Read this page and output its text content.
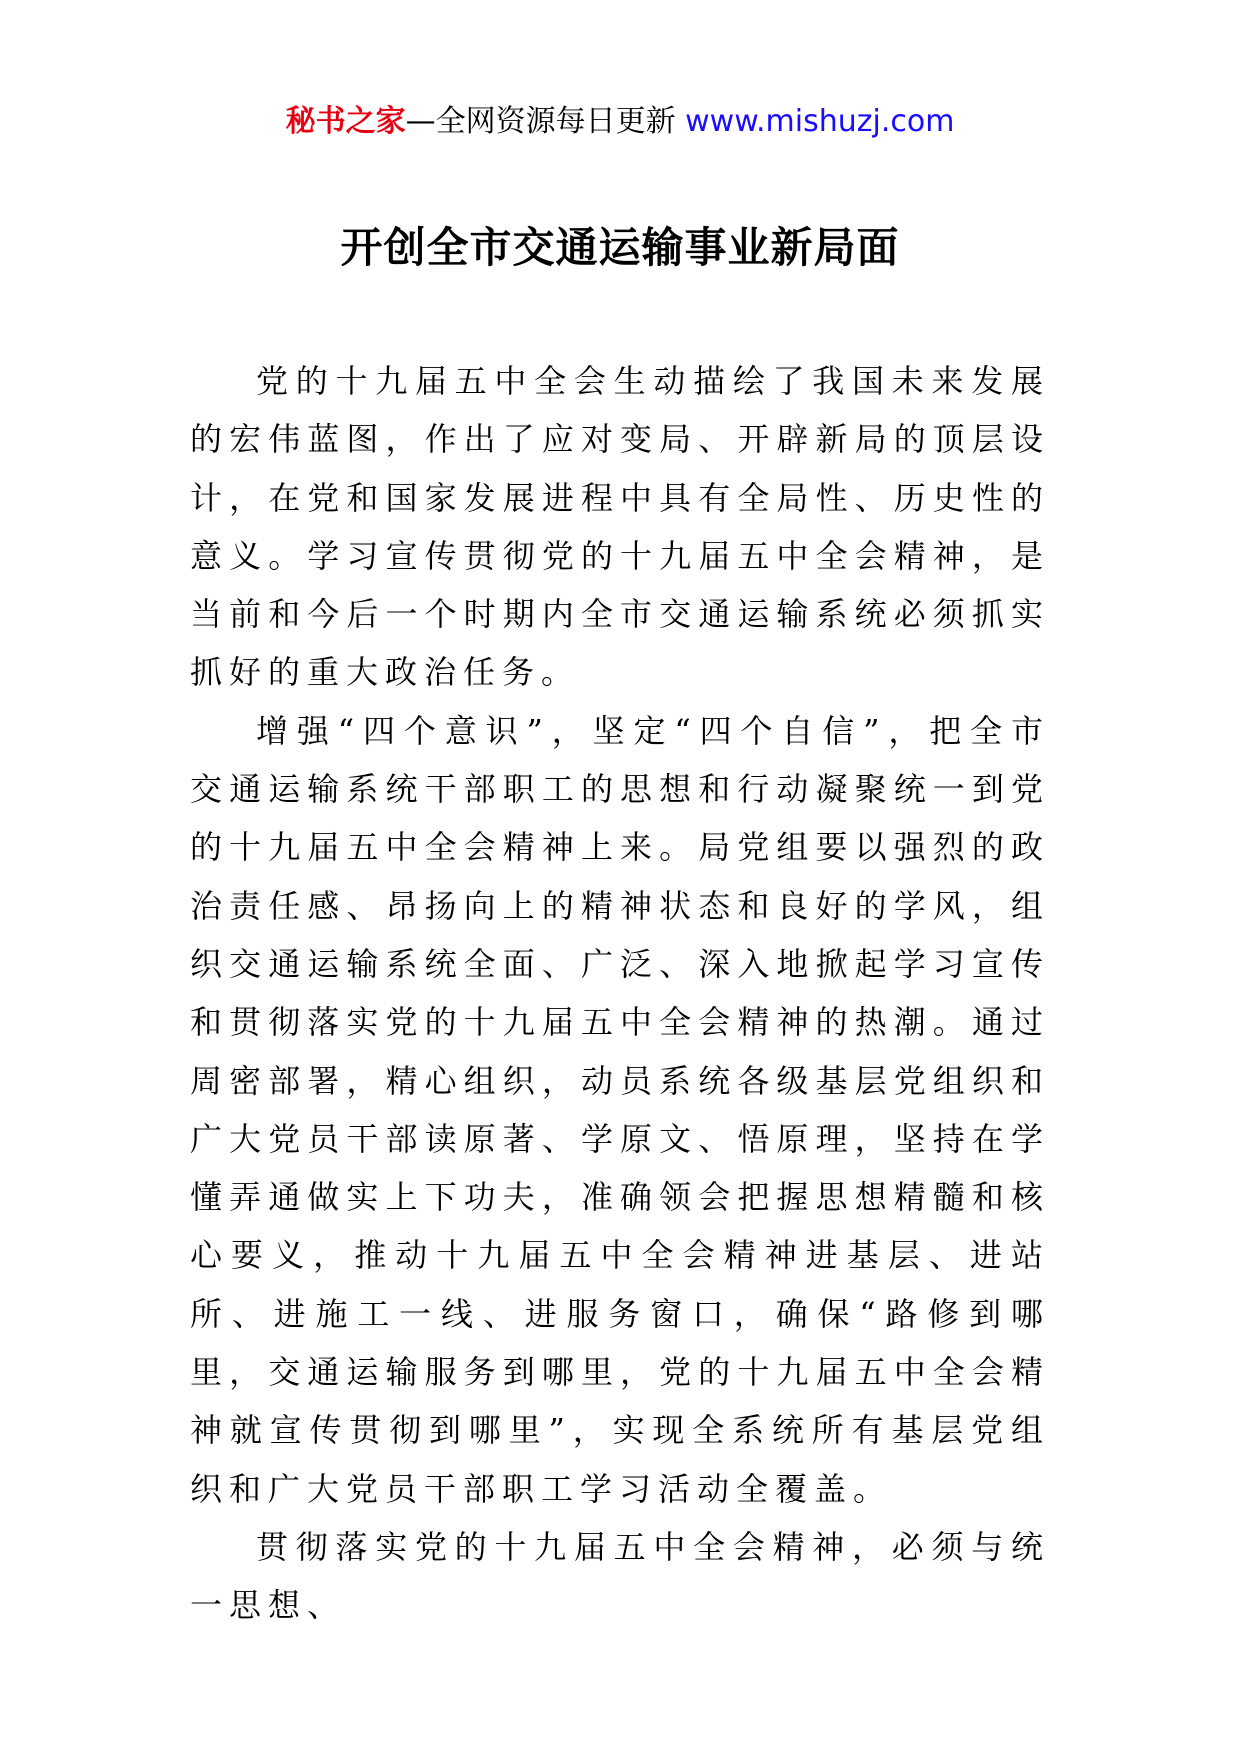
秘书之家—全网资源每日更新 www.mishuzj.com
开创全市交通运输事业新局面

党的十九届五中全会生动描绘了我国未来发展的宏伟蓝图，作出了应对变局、开辟新局的顶层设计，在党和国家发展进程中具有全局性、历史性的意义。学习宣传贯彻党的十九届五中全会精神，是当前和今后一个时期内全市交通运输系统必须抓实抓好的重大政治任务。

增强“四个意识”，坚定“四个自信”，把全市交通运输系统干部职工的思想和行动凝聚统一到党的十九届五中全会精神上来。局党组要以强烈的政治责任感、昂扬向上的精神状态和良好的学风，组织交通运输系统全面、广泛、深入地掀起学习宣传和贯彻落实党的十九届五中全会精神的热潮。通过周密部署，精心组织，动员系统各级基层党组织和广大党员干部读原著、学原文、悟原理，坚持在学懂弄通做实上下功夫，准确领会把握思想精髓和核心要义，推动十九届五中全会精神进基层、进站所、进施工一线、进服务窗口，确保“路修到哪里，交通运输服务到哪里，党的十九届五中全会精神就宣传贯彻到哪里”，实现全系统所有基层党组织和广大党员干部职工学习活动全覆盖。

贯彻落实党的十九届五中全会精神，必须与统一思想、
